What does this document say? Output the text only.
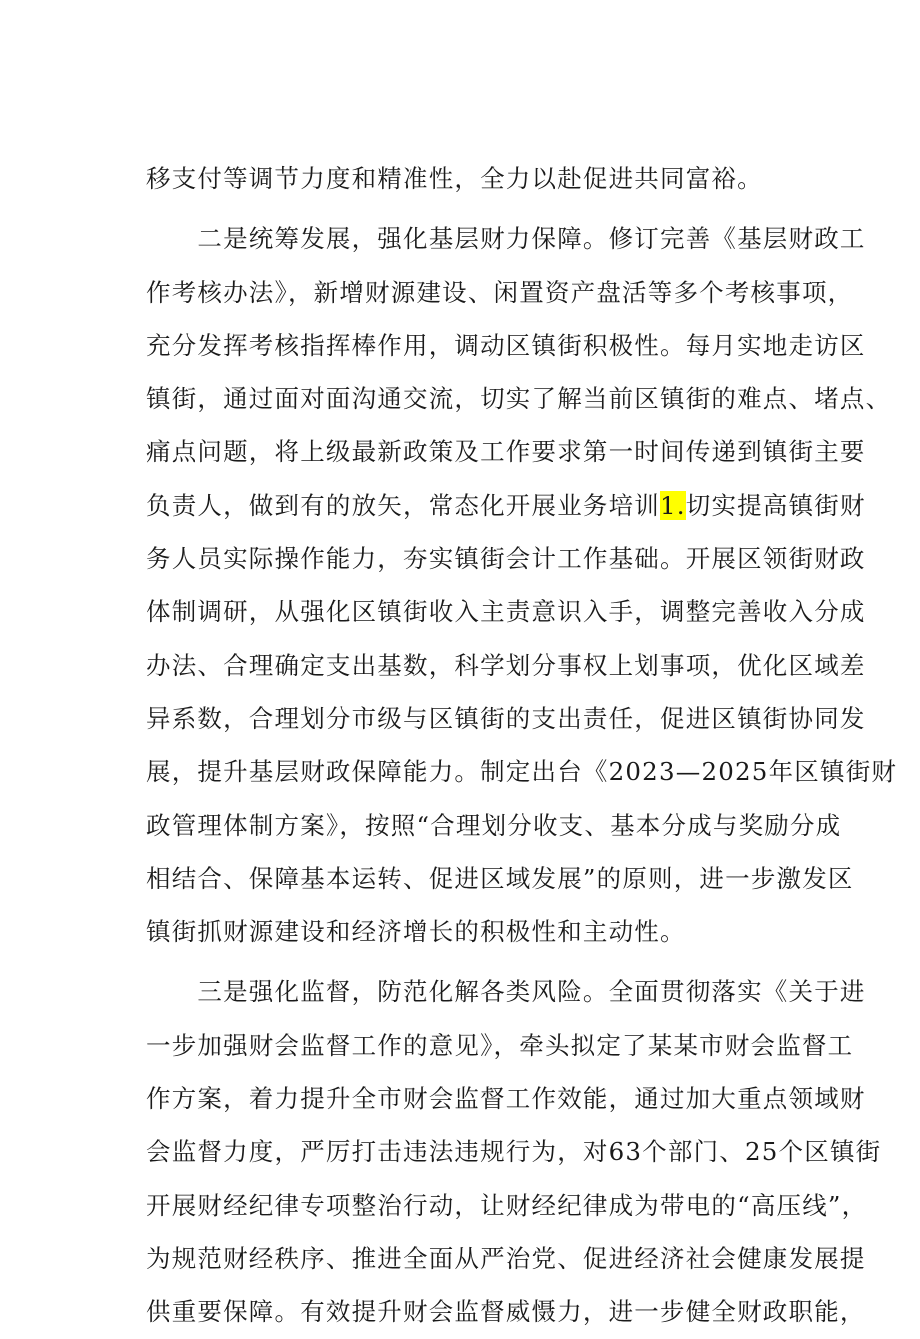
移支付等调节力度和精准性，全力以赴促进共同富裕。
　　二是统筹发展，强化基层财力保障。修订完善《基层财政工
作考核办法》，新增财源建设、闲置资产盘活等多个考核事项，
充分发挥考核指挥棒作用，调动区镇街积极性。每月实地走访区
镇街，通过面对面沟通交流，切实了解当前区镇街的难点、堵点、
痛点问题，将上级最新政策及工作要求第一时间传递到镇街主要
负责人，做到有的放矢，常态化开展业务培训1.切实提高镇街财
务人员实际操作能力，夯实镇街会计工作基础。开展区领街财政
体制调研，从强化区镇街收入主责意识入手，调整完善收入分成
办法、合理确定支出基数，科学划分事权上划事项，优化区域差
异系数，合理划分市级与区镇街的支出责任，促进区镇街协同发
展，提升基层财政保障能力。制定出台《2023—2025年区镇街财
政管理体制方案》，按照“合理划分收支、基本分成与奖励分成
相结合、保障基本运转、促进区域发展”的原则，进一步激发区
镇街抓财源建设和经济增长的积极性和主动性。
　　三是强化监督，防范化解各类风险。全面贯彻落实《关于进
一步加强财会监督工作的意见》，牵头拟定了某某市财会监督工
作方案，着力提升全市财会监督工作效能，通过加大重点领域财
会监督力度，严厉打击违法违规行为，对63个部门、25个区镇街
开展财经纪律专项整治行动，让财经纪律成为带电的“高压线”，
为规范财经秩序、推进全面从严治党、促进经济社会健康发展提
供重要保障。有效提升财会监督威慑力，进一步健全财政职能，
